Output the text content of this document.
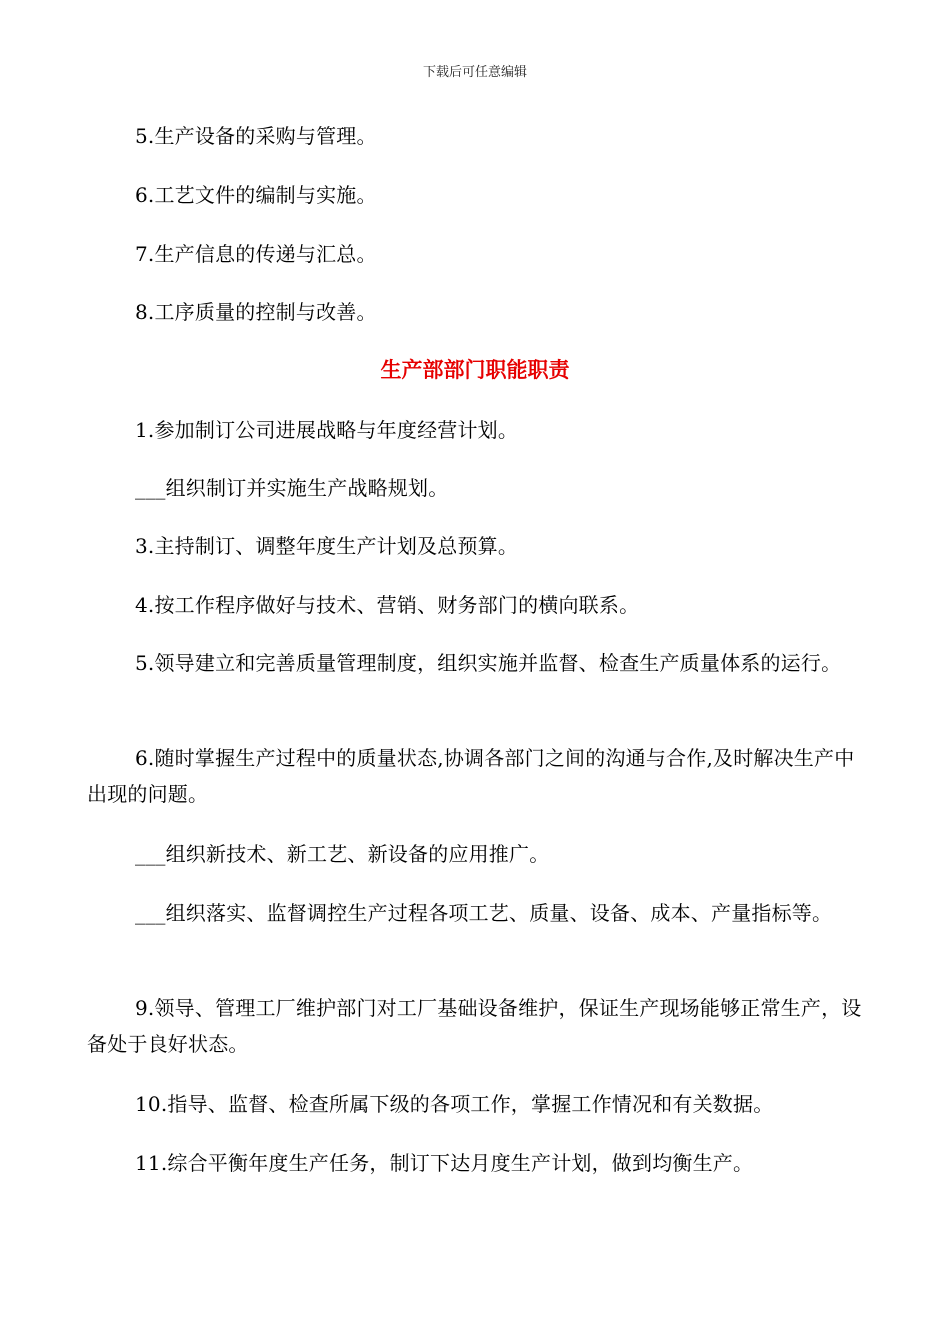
下载后可任意编辑

5.生产设备的采购与管理。

6.工艺文件的编制与实施。

7.生产信息的传递与汇总。

8.工序质量的控制与改善。

生产部部门职能职责

1.参加制订公司进展战略与年度经营计划。

___组织制订并实施生产战略规划。

3.主持制订、调整年度生产计划及总预算。

4.按工作程序做好与技术、营销、财务部门的横向联系。

5.领导建立和完善质量管理制度，组织实施并监督、检查生产质量体系的运行。

6.随时掌握生产过程中的质量状态,协调各部门之间的沟通与合作,及时解决生产中出现的问题。

___组织新技术、新工艺、新设备的应用推广。

___组织落实、监督调控生产过程各项工艺、质量、设备、成本、产量指标等。

9.领导、管理工厂维护部门对工厂基础设备维护，保证生产现场能够正常生产，设备处于良好状态。

10.指导、监督、检查所属下级的各项工作，掌握工作情况和有关数据。

11.综合平衡年度生产任务，制订下达月度生产计划，做到均衡生产。
